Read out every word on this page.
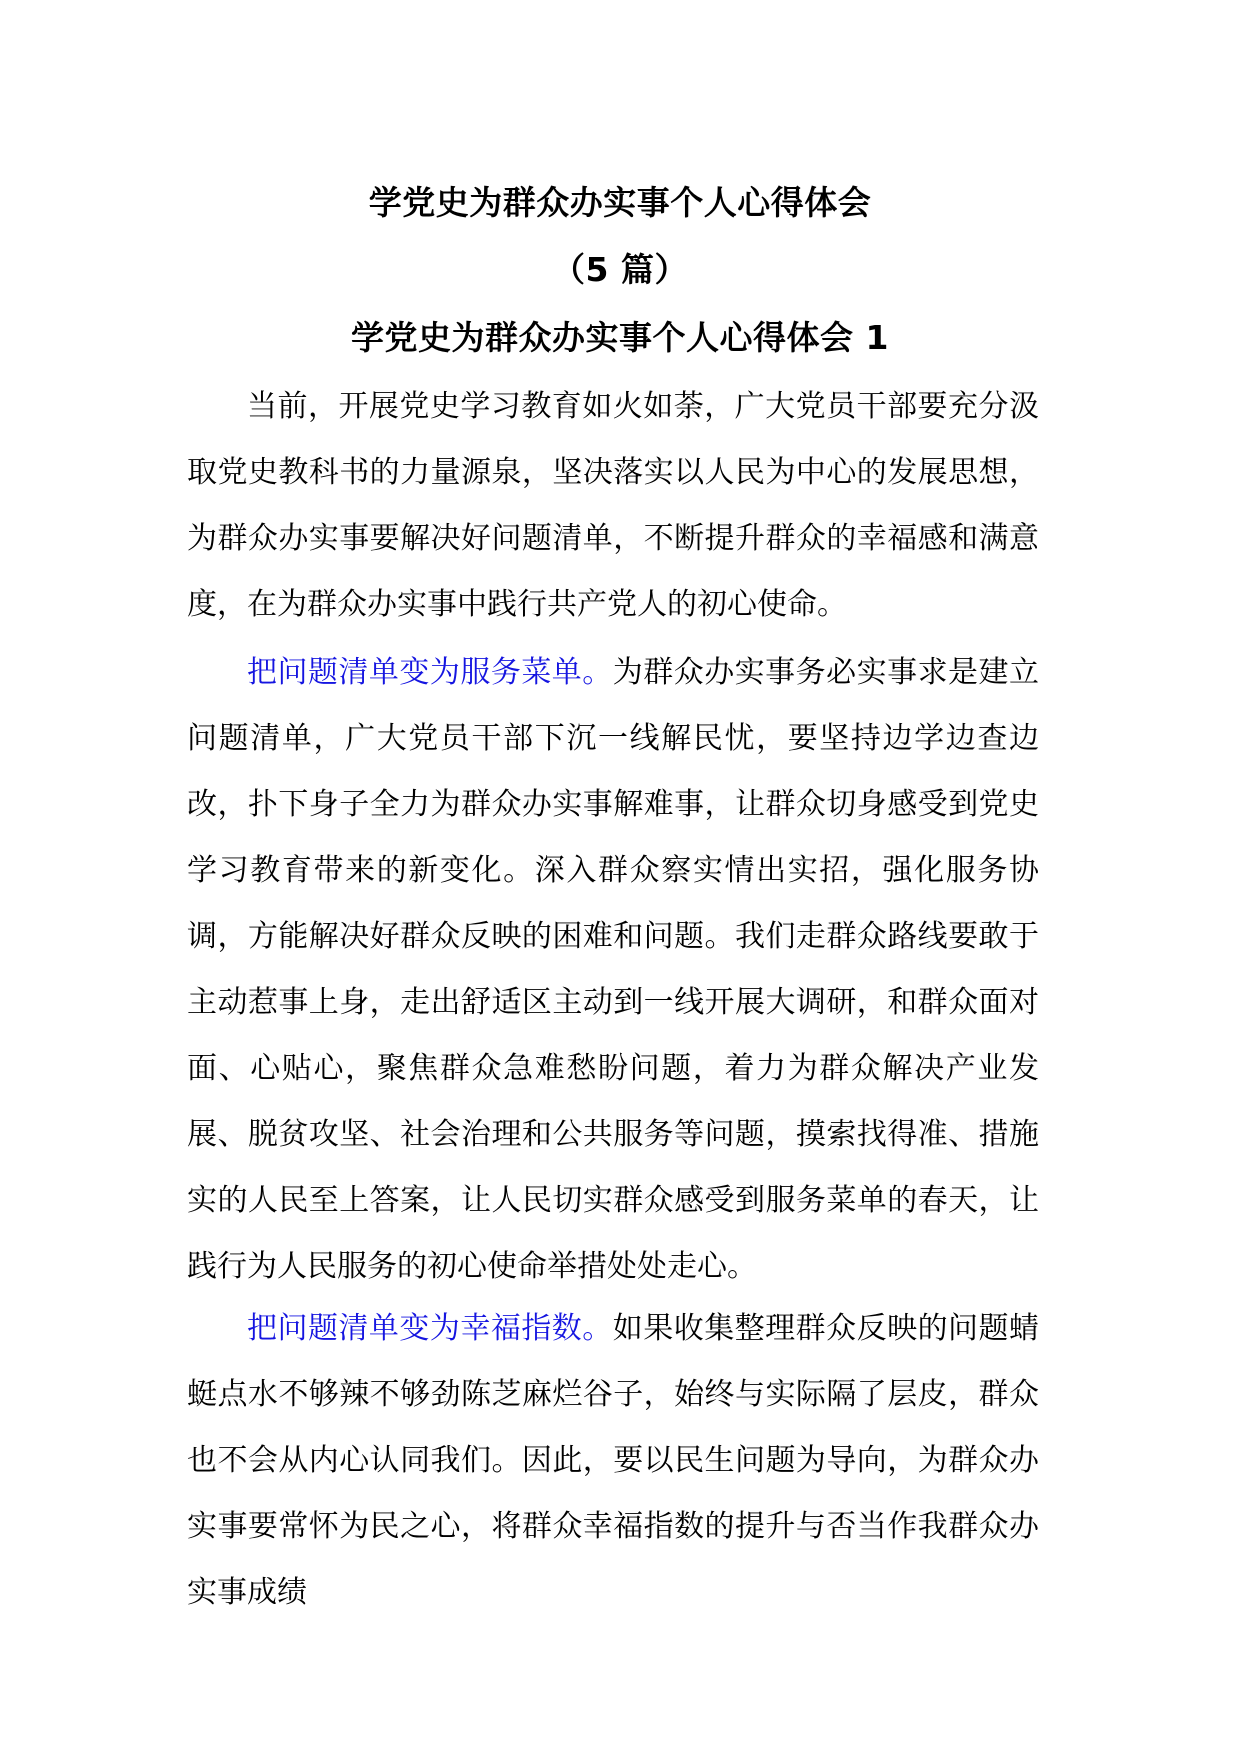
学党史为群众办实事个人心得体会
（5 篇）
学党史为群众办实事个人心得体会 1

当前，开展党史学习教育如火如荼，广大党员干部要充分汲取党史教科书的力量源泉，坚决落实以人民为中心的发展思想，为群众办实事要解决好问题清单，不断提升群众的幸福感和满意度，在为群众办实事中践行共产党人的初心使命。

把问题清单变为服务菜单。为群众办实事务必实事求是建立问题清单，广大党员干部下沉一线解民忧，要坚持边学边查边改，扑下身子全力为群众办实事解难事，让群众切身感受到党史学习教育带来的新变化。深入群众察实情出实招，强化服务协调，方能解决好群众反映的困难和问题。我们走群众路线要敢于主动惹事上身，走出舒适区主动到一线开展大调研，和群众面对面、心贴心，聚焦群众急难愁盼问题，着力为群众解决产业发展、脱贫攻坚、社会治理和公共服务等问题，摸索找得准、措施实的人民至上答案，让人民切实群众感受到服务菜单的春天，让践行为人民服务的初心使命举措处处走心。

把问题清单变为幸福指数。如果收集整理群众反映的问题蜻蜓点水不够辣不够劲陈芝麻烂谷子，始终与实际隔了层皮，群众也不会从内心认同我们。因此，要以民生问题为导向，为群众办实事要常怀为民之心，将群众幸福指数的提升与否当作我群众办实事成绩
